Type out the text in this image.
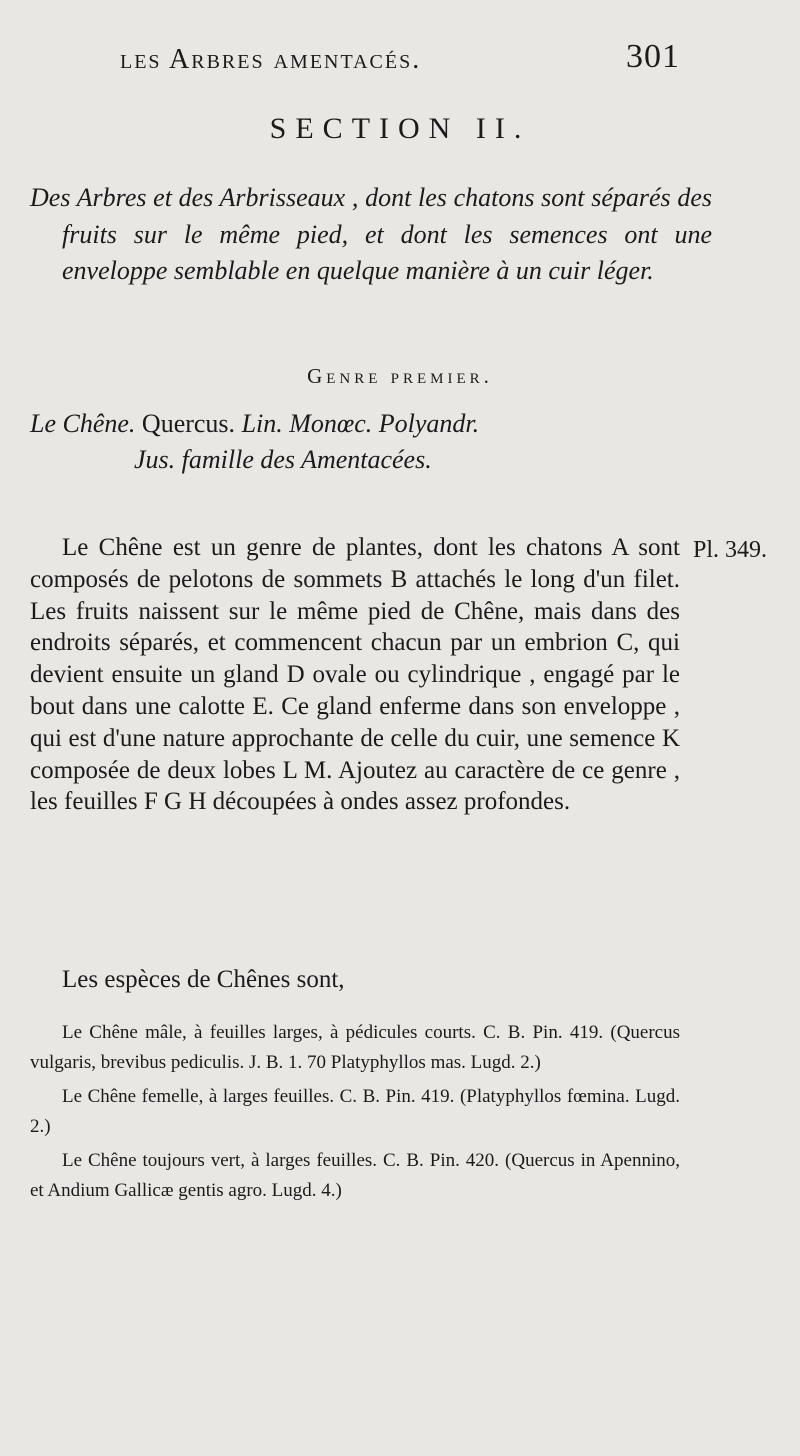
les Arbres amentacés.	301
SECTION II.
Des Arbres et des Arbrisseaux , dont les chatons sont séparés des fruits sur le même pied, et dont les semences ont une enveloppe semblable en quelque manière à un cuir léger.
Genre premier.
Le Chêne. Quercus. Lin. Monœc. Polyandr.
Jus. famille des Amentacées.
Le Chêne est un genre de plantes, dont les chatons A sont composés de pelotons de sommets B attachés le long d'un filet. Les fruits naissent sur le même pied de Chêne, mais dans des endroits séparés, et commencent chacun par un embrion C, qui devient ensuite un gland D ovale ou cylindrique , engagé par le bout dans une calotte E. Ce gland enferme dans son enveloppe , qui est d'une nature approchante de celle du cuir, une semence K composée de deux lobes L M. Ajoutez au caractère de ce genre , les feuilles F G H découpées à ondes assez profondes.
Pl. 349.
Les espèces de Chênes sont,

Le Chêne mâle, à feuilles larges, à pédicules courts. C. B. Pin. 419. (Quercus vulgaris, brevibus pediculis. J. B. 1. 70 Platyphyllos mas. Lugd. 2.)

Le Chêne femelle, à larges feuilles. C. B. Pin. 419. (Platyphyllos fœmina. Lugd. 2.)

Le Chêne toujours vert, à larges feuilles. C. B. Pin. 420. (Quercus in Apennino, et Andium Gallicæ gentis agro. Lugd. 4.)
